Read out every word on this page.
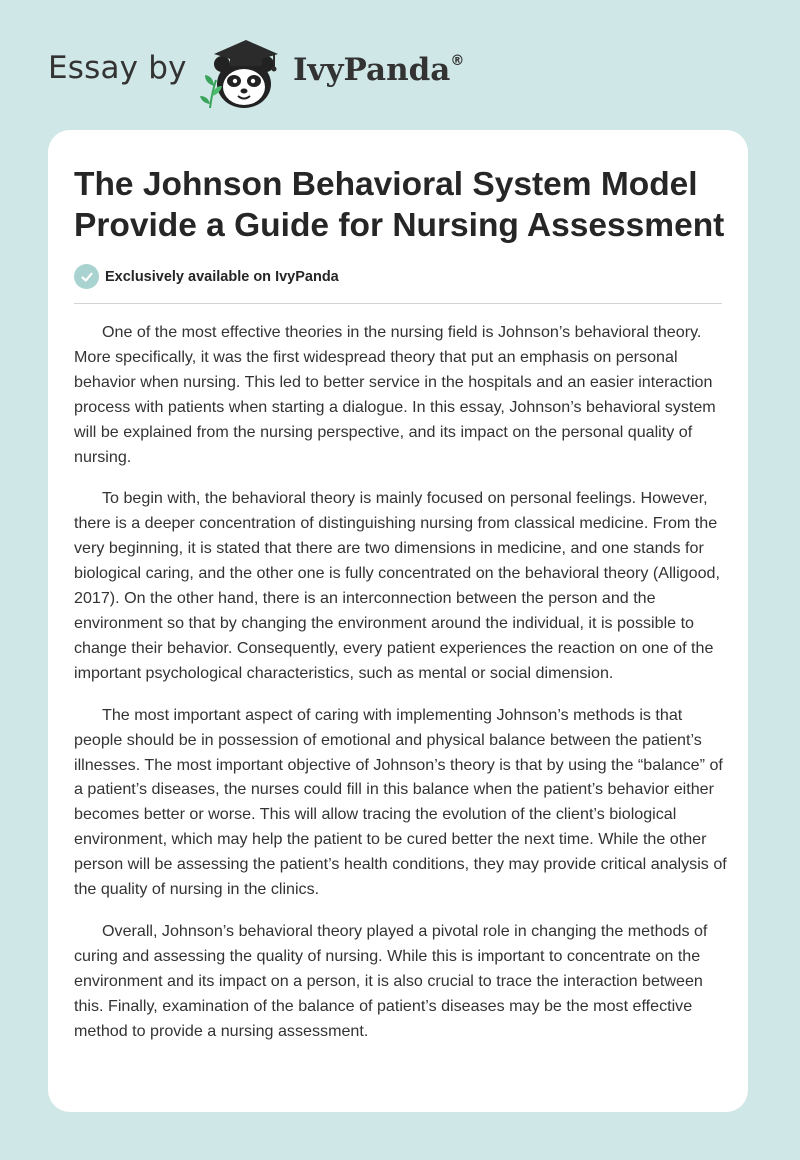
Essay by	IvyPanda®
The Johnson Behavioral System Model Provide a Guide for Nursing Assessment
Exclusively available on IvyPanda

One of the most effective theories in the nursing field is Johnson’s behavioral theory. More specifically, it was the first widespread theory that put an emphasis on personal behavior when nursing. This led to better service in the hospitals and an easier interaction process with patients when starting a dialogue. In this essay, Johnson’s behavioral system will be explained from the nursing perspective, and its impact on the personal quality of nursing.

To begin with, the behavioral theory is mainly focused on personal feelings. However, there is a deeper concentration of distinguishing nursing from classical medicine. From the very beginning, it is stated that there are two dimensions in medicine, and one stands for biological caring, and the other one is fully concentrated on the behavioral theory (Alligood, 2017). On the other hand, there is an interconnection between the person and the environment so that by changing the environment around the individual, it is possible to change their behavior. Consequently, every patient experiences the reaction on one of the important psychological characteristics, such as mental or social dimension.

The most important aspect of caring with implementing Johnson’s methods is that people should be in possession of emotional and physical balance between the patient’s illnesses. The most important objective of Johnson’s theory is that by using the “balance” of a patient’s diseases, the nurses could fill in this balance when the patient’s behavior either becomes better or worse. This will allow tracing the evolution of the client’s biological environment, which may help the patient to be cured better the next time. While the other person will be assessing the patient’s health conditions, they may provide critical analysis of the quality of nursing in the clinics.

Overall, Johnson’s behavioral theory played a pivotal role in changing the methods of curing and assessing the quality of nursing. While this is important to concentrate on the environment and its impact on a person, it is also crucial to trace the interaction between this. Finally, examination of the balance of patient’s diseases may be the most effective method to provide a nursing assessment.
